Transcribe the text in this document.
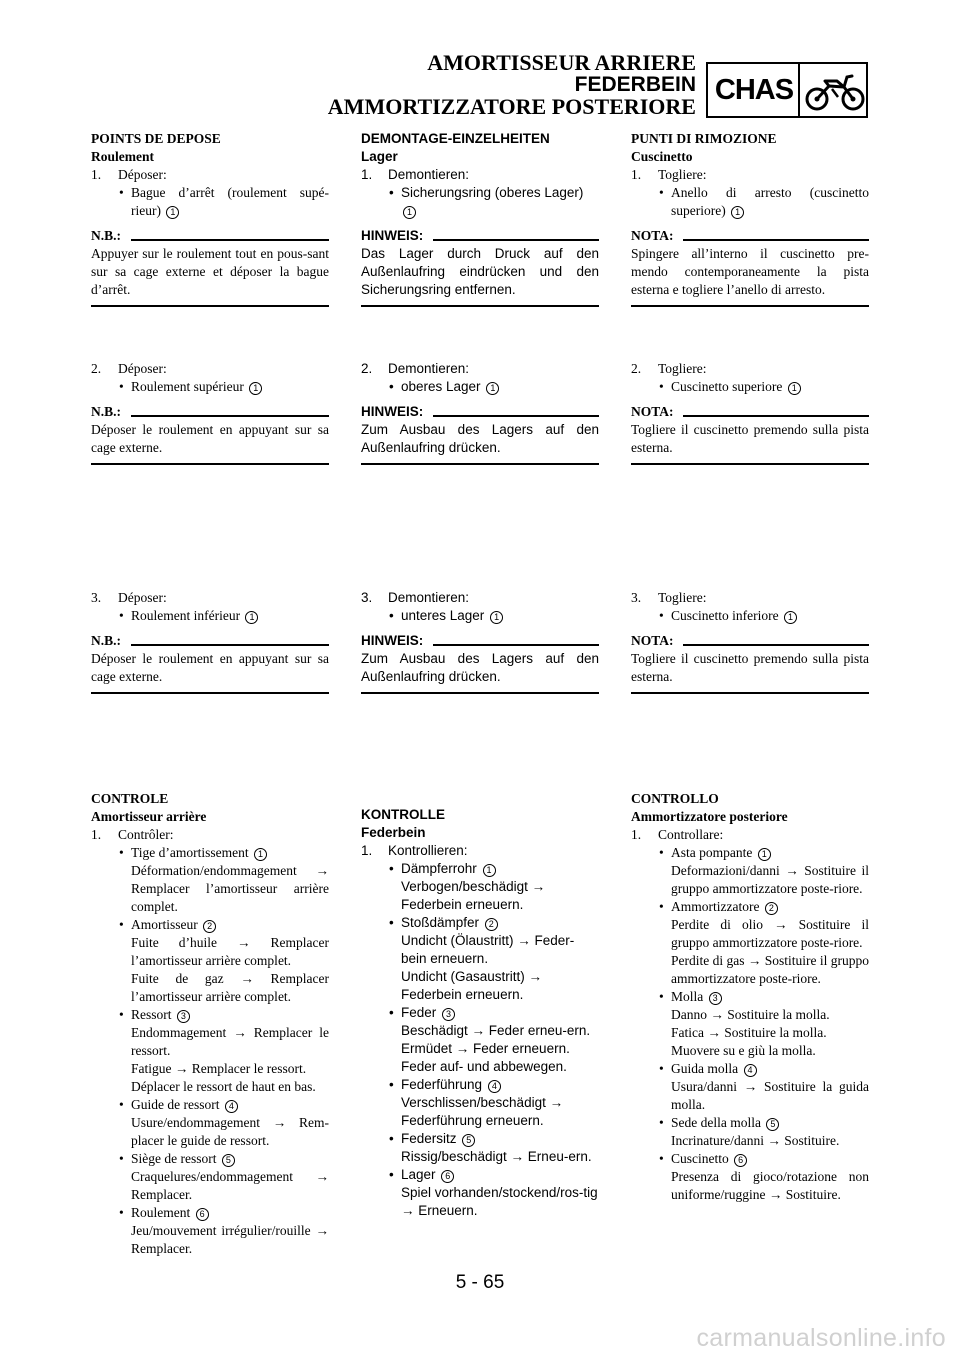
AMORTISSEUR ARRIERE
FEDERBEIN
AMMORTIZZATORE POSTERIORE
CHAS
POINTS DE DEPOSE
Roulement
1. Déposer:
• Bague d’arrêt (roulement supé-rieur) 1
N.B.:
Appuyer sur le roulement tout en pous-sant sur sa cage externe et déposer la bague d’arrêt.
2. Déposer:
• Roulement supérieur 1
N.B.:
Déposer le roulement en appuyant sur sa cage externe.
3. Déposer:
• Roulement inférieur 1
N.B.:
Déposer le roulement en appuyant sur sa cage externe.
CONTROLE
Amortisseur arrière
1. Contrôler:
• Tige d’amortissement 1
Déformation/endommagement → Remplacer l’amortisseur arrière complet.
• Amortisseur 2
Fuite d’huile → Remplacer l’amortisseur arrière complet.
Fuite de gaz → Remplacer l’amortisseur arrière complet.
• Ressort 3
Endommagement → Remplacer le ressort.
Fatigue → Remplacer le ressort.
Déplacer le ressort de haut en bas.
• Guide de ressort 4
Usure/endommagement → Rem-placer le guide de ressort.
• Siège de ressort 5
Craquelures/endommagement → Remplacer.
• Roulement 6
Jeu/mouvement irrégulier/rouille → Remplacer.
DEMONTAGE-EINZELHEITEN
Lager
1. Demontieren:
• Sicherungsring (oberes Lager) 1
HINWEIS:
Das Lager durch Druck auf den Außenlaufring eindrücken und den Sicherungsring entfernen.
2. Demontieren:
• oberes Lager 1
HINWEIS:
Zum Ausbau des Lagers auf den Außenlaufring drücken.
3. Demontieren:
• unteres Lager 1
HINWEIS:
Zum Ausbau des Lagers auf den Außenlaufring drücken.
KONTROLLE
Federbein
1. Kontrollieren:
• Dämpferrohr 1
Verbogen/beschädigt → Federbein erneuern.
• Stoßdämpfer 2
Undicht (Ölaustritt) → Feder-bein erneuern.
Undicht (Gasaustritt) → Federbein erneuern.
• Feder 3
Beschädigt → Feder erneu-ern.
Ermüdet → Feder erneuern.
Feder auf- und abbewegen.
• Federführung 4
Verschlissen/beschädigt → Federführung erneuern.
• Federsitz 5
Rissig/beschädigt → Erneu-ern.
• Lager 6
Spiel vorhanden/stockend/ros-tig → Erneuern.
PUNTI DI RIMOZIONE
Cuscinetto
1. Togliere:
• Anello di arresto (cuscinetto superiore) 1
NOTA:
Spingere all’interno il cuscinetto pre-mendo contemporaneamente la pista esterna e togliere l’anello di arresto.
2. Togliere:
• Cuscinetto superiore 1
NOTA:
Togliere il cuscinetto premendo sulla pista esterna.
3. Togliere:
• Cuscinetto inferiore 1
NOTA:
Togliere il cuscinetto premendo sulla pista esterna.
CONTROLLO
Ammortizzatore posteriore
1. Controllare:
• Asta pompante 1
Deformazioni/danni → Sostituire il gruppo ammortizzatore poste-riore.
• Ammortizzatore 2
Perdite di olio → Sostituire il gruppo ammortizzatore poste-riore.
Perdite di gas → Sostituire il gruppo ammortizzatore poste-riore.
• Molla 3
Danno → Sostituire la molla.
Fatica → Sostituire la molla.
Muovere su e giù la molla.
• Guida molla 4
Usura/danni → Sostituire la guida molla.
• Sede della molla 5
Incrinature/danni → Sostituire.
• Cuscinetto 6
Presenza di gioco/rotazione non uniforme/ruggine → Sostituire.
5 - 65
carmanualsonline.info
